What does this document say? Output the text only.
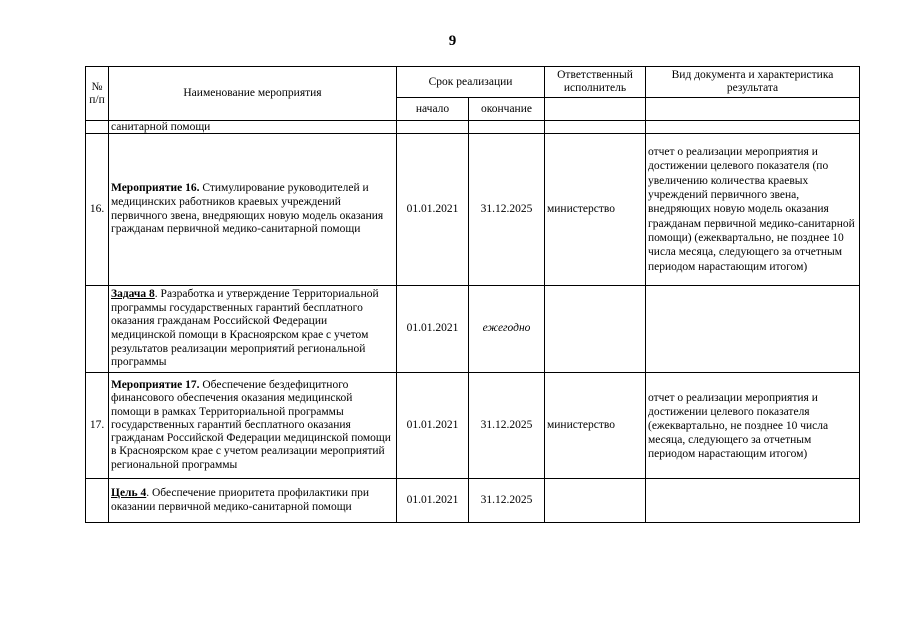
9
№ п/п	Наименование мероприятия	Срок реализации		Ответственный исполнитель	Вид документа и характеристика результата
		начало	окончание		
	санитарной помощи				
16.	Мероприятие 16. Стимулирование руководителей и медицинских работников краевых учреждений первичного звена, внедряющих новую модель оказания гражданам первичной медико-санитарной помощи	01.01.2021	31.12.2025	министерство	отчет о реализации мероприятия и достижении целевого показателя (по увеличению количества краевых учреждений первичного звена, внедряющих новую модель оказания гражданам первичной медико-санитарной помощи) (ежеквартально, не позднее 10 числа месяца, следующего за отчетным периодом нарастающим итогом)
	Задача 8. Разработка и утверждение Территориальной программы государственных гарантий бесплатного оказания гражданам Российской Федерации медицинской помощи в Красноярском крае с учетом результатов реализации мероприятий региональной программы	01.01.2021	ежегодно		
17.	Мероприятие 17. Обеспечение бездефицитного финансового обеспечения оказания медицинской помощи в рамках Территориальной программы государственных гарантий бесплатного оказания гражданам Российской Федерации медицинской помощи в Красноярском крае с учетом реализации мероприятий региональной программы	01.01.2021	31.12.2025	министерство	отчет о реализации мероприятия и достижении целевого показателя (ежеквартально, не позднее 10 числа месяца, следующего за отчетным периодом нарастающим итогом)
	Цель 4. Обеспечение приоритета профилактики при оказании первичной медико-санитарной помощи	01.01.2021	31.12.2025		
